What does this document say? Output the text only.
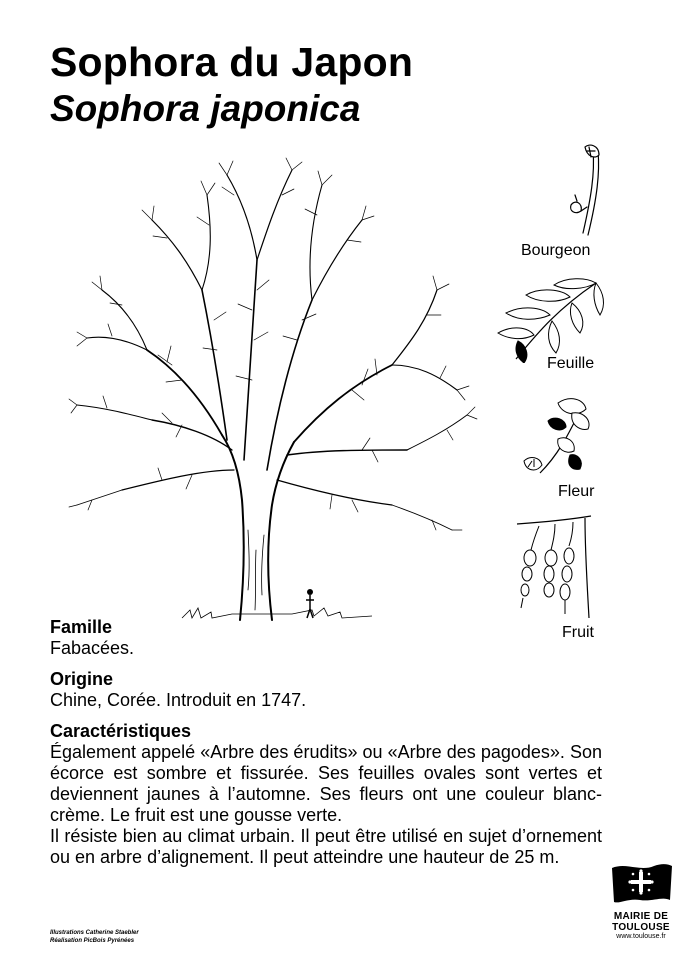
Sophora du Japon
Sophora japonica
Bourgeon
Feuille
Fleur
Fruit

Famille

Fabacées.

Origine

Chine, Corée. Introduit en 1747.

Caractéristiques

Également appelé «Arbre des érudits» ou «Arbre des pagodes». Son écorce est sombre et fissurée. Ses feuilles ovales sont vertes et deviennent jaunes à l’automne. Ses fleurs ont une couleur blanc-crème. Le fruit est une gousse verte.

Il résiste bien au climat urbain. Il peut être utilisé en sujet d’ornement ou en arbre d’alignement. Il peut atteindre une hauteur de 25 m.

Illustrations Catherine Staebler
Réalisation PicBois Pyrénées
MAIRIE DE
TOULOUSE
www.toulouse.fr
